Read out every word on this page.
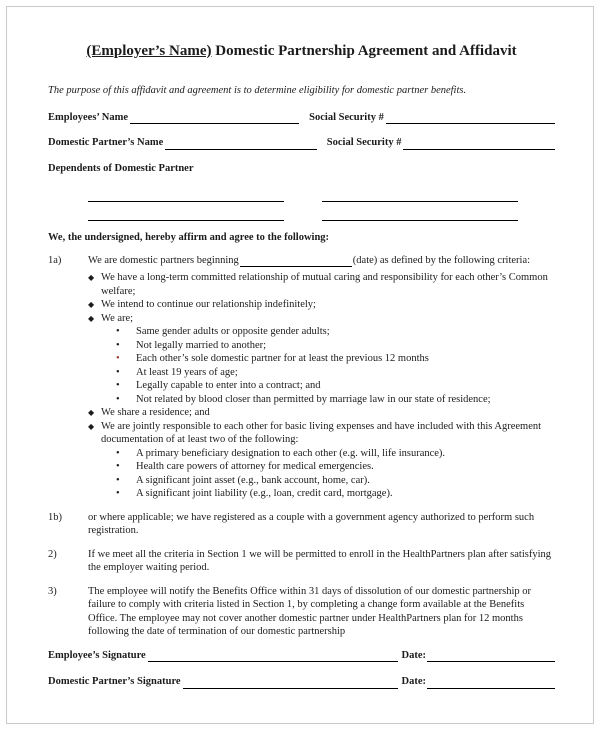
(Employer’s Name) Domestic Partnership Agreement and Affidavit
The purpose of this affidavit and agreement is to determine eligibility for domestic partner benefits.
Employees’ Name	Social Security #
Domestic Partner’s Name	Social Security #
Dependents of Domestic Partner
We, the undersigned, hereby affirm and agree to the following:
1a)	We are domestic partners beginning	(date) as defined by the following criteria:
◆ We have a long-term committed relationship of mutual caring and responsibility for each other’s Common welfare;
◆ We intend to continue our relationship indefinitely;
◆ We are;
•	Same gender adults or opposite gender adults;
•	Not legally married to another;
•	Each other’s sole domestic partner for at least the previous 12 months
•	At least 19 years of age;
•	Legally capable to enter into a contract; and
•	Not related by blood closer than permitted by marriage law in our state of residence;
◆ We share a residence; and
◆ We are jointly responsible to each other for basic living expenses and have included with this Agreement documentation of at least two of the following:
•	A primary beneficiary designation to each other (e.g. will, life insurance).
•	Health care powers of attorney for medical emergencies.
•	A significant joint asset (e.g., bank account, home, car).
•	A significant joint liability (e.g., loan, credit card, mortgage).
1b)	or where applicable; we have registered as a couple with a government agency authorized to perform such registration.
2)	If we meet all the criteria in Section 1 we will be permitted to enroll in the HealthPartners plan after satisfying the employer waiting period.
3)	The employee will notify the Benefits Office within 31 days of dissolution of our domestic partnership or failure to comply with criteria listed in Section 1, by completing a change form available at the Benefits Office. The employee may not cover another domestic partner under HealthPartners plan for 12 months following the date of termination of our domestic partnership
Employee’s Signature	Date:
Domestic Partner’s Signature	Date:
